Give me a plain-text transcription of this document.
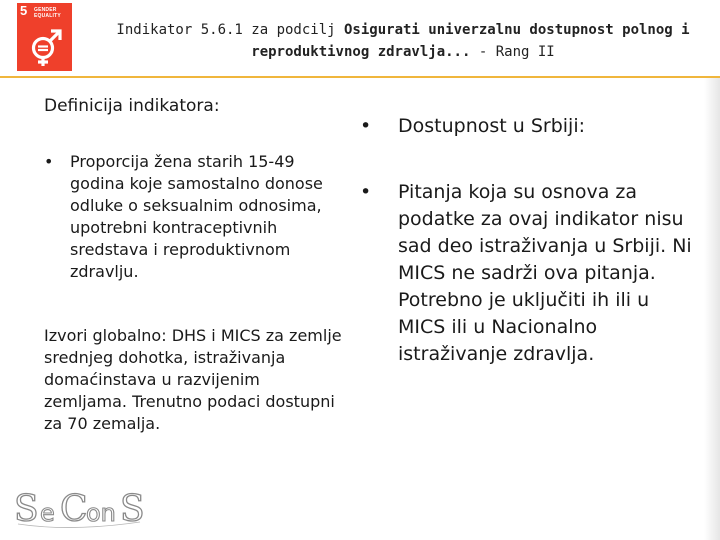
5 GENDER
EQUALITY
Indikator 5.6.1 za podcilj Osigurati univerzalnu dostupnost polnog i reproduktivnog zdravlja... - Rang II
Definicija indikatora:
•	Proporcija žena starih 15-49 godina koje samostalno donose odluke o seksualnim odnosima, upotrebni kontraceptivnih sredstava i reproduktivnom zdravlju.

Izvori globalno: DHS i MICS za zemlje srednjeg dohotka, istraživanja domaćinstava u razvijenim zemljama. Trenutno podaci dostupni za 70 zemalja.

•	Dostupnost u Srbiji:
•	Pitanja koja su osnova za podatke za ovaj indikator nisu sad deo istraživanja u Srbiji. Ni MICS ne sadrži ova pitanja. Potrebno je uključiti ih ili u MICS ili u Nacionalno istraživanje zdravlja.
S e C
on S
